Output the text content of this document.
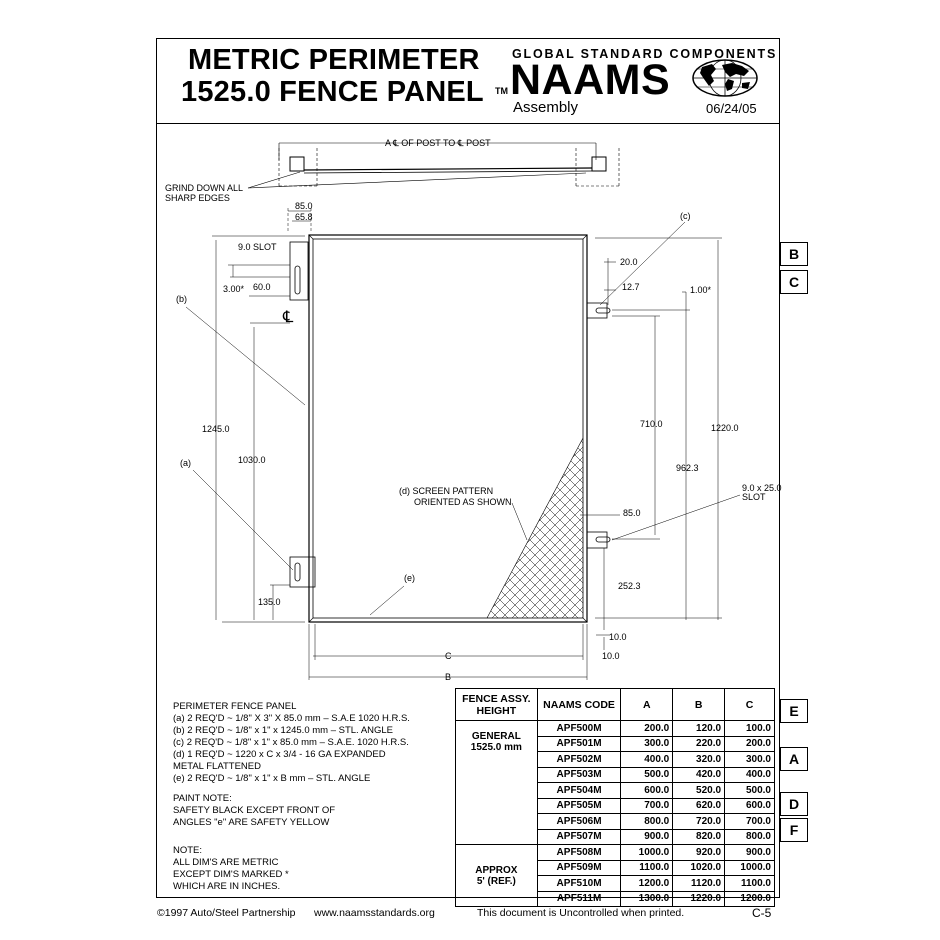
METRIC PERIMETER
1525.0 FENCE PANEL
GLOBAL STANDARD COMPONENTS
TM NAAMS
Assembly	06/24/05
A ℄ OF POST TO ℄ POST
GRIND DOWN ALL
SHARP EDGES
85.0
65.8
9.0 SLOT
3.00* 60.0
℄
1245.0
1030.0
135.0
(b)
(a)
(e)
(c)
(d) SCREEN PATTERN
ORIENTED AS SHOWN
20.0
12.7	1.00*
710.0	1220.0
962.3
9.0 x 25.0
SLOT
85.0
252.3
10.0
10.0
C
B
B
C
E
A
D
F
PERIMETER FENCE PANEL
(a) 2 REQ'D ~ 1/8" X 3" X 85.0 mm – S.A.E 1020 H.R.S.
(b) 2 REQ'D ~ 1/8" x 1" x 1245.0 mm – STL. ANGLE
(c) 2 REQ'D ~ 1/8" x 1" x 85.0 mm – S.A.E. 1020 H.R.S.
(d) 1 REQ'D ~ 1220 x C x 3/4 - 16 GA EXPANDED
METAL FLATTENED
(e) 2 REQ'D ~ 1/8" x 1" x B mm – STL. ANGLE
PAINT NOTE:
SAFETY BLACK EXCEPT FRONT OF
ANGLES "e" ARE SAFETY YELLOW
NOTE:
ALL DIM'S ARE METRIC
EXCEPT DIM'S MARKED *
WHICH ARE IN INCHES.
FENCE ASSY. HEIGHT	NAAMS CODE	A	B	C

GENERAL
1525.0 mm	APF500M	200.0	120.0	100.0
	APF501M	300.0	220.0	200.0
	APF502M	400.0	320.0	300.0
	APF503M	500.0	420.0	400.0
	APF504M	600.0	520.0	500.0
	APF505M	700.0	620.0	600.0
	APF506M	800.0	720.0	700.0
	APF507M	900.0	820.0	800.0

APPROX
5' (REF.)	APF508M	1000.0	920.0	900.0
	APF509M	1100.0	1020.0	1000.0
	APF510M	1200.0	1120.0	1100.0
	APF511M	1300.0	1220.0	1200.0
©1997 Auto/Steel Partnership www.naamsstandards.org	This document is Uncontrolled when printed.	C-5
